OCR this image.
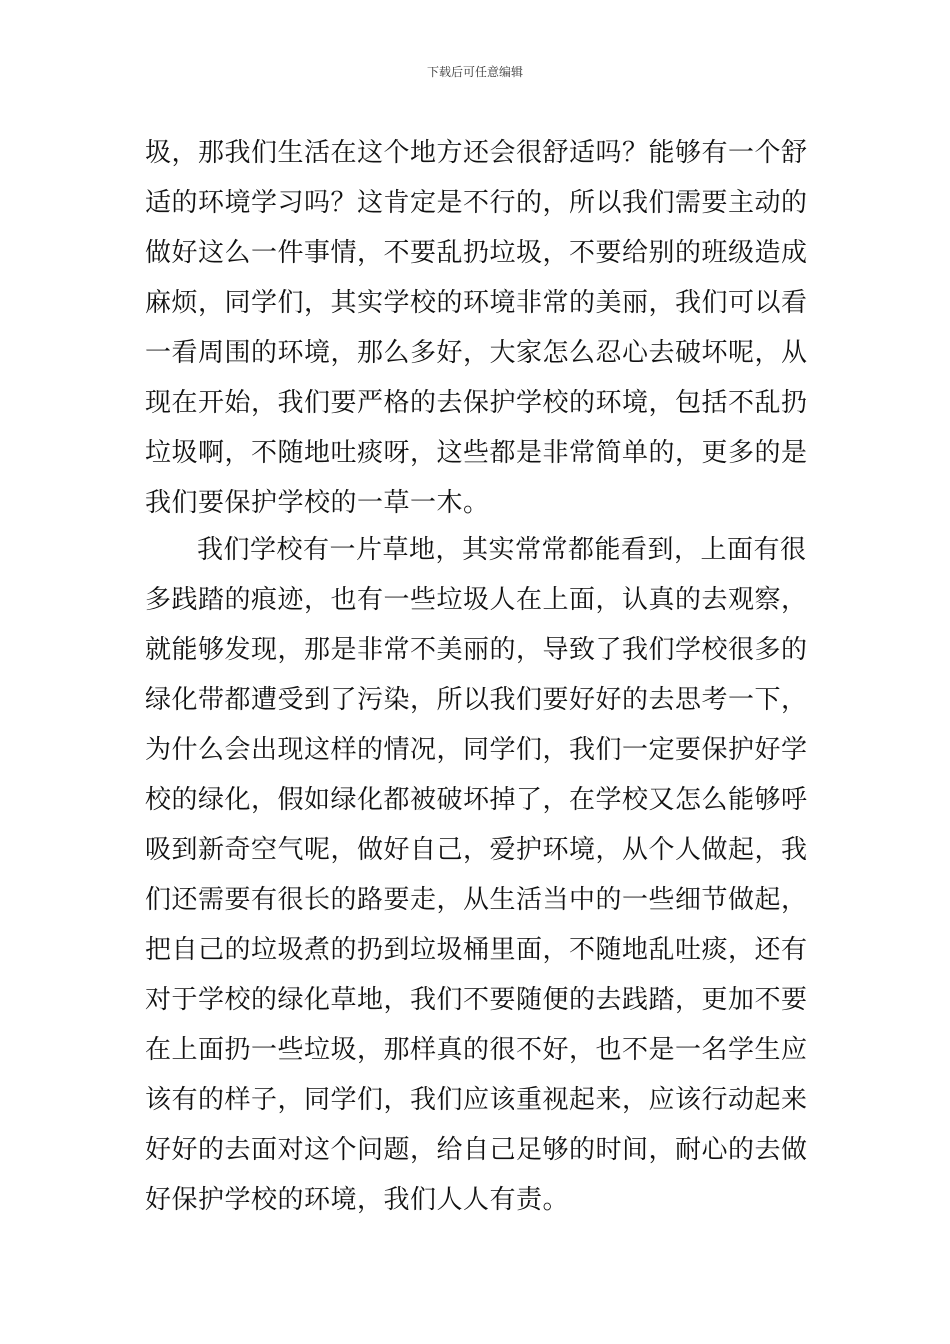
下载后可任意编辑
圾，那我们生活在这个地方还会很舒适吗？能够有一个舒
适的环境学习吗？这肯定是不行的，所以我们需要主动的
做好这么一件事情，不要乱扔垃圾，不要给别的班级造成
麻烦，同学们，其实学校的环境非常的美丽，我们可以看
一看周围的环境，那么多好，大家怎么忍心去破坏呢，从
现在开始，我们要严格的去保护学校的环境，包括不乱扔
垃圾啊，不随地吐痰呀，这些都是非常简单的，更多的是
我们要保护学校的一草一木。
我们学校有一片草地，其实常常都能看到，上面有很
多践踏的痕迹，也有一些垃圾人在上面，认真的去观察，
就能够发现，那是非常不美丽的，导致了我们学校很多的
绿化带都遭受到了污染，所以我们要好好的去思考一下，
为什么会出现这样的情况，同学们，我们一定要保护好学
校的绿化，假如绿化都被破坏掉了，在学校又怎么能够呼
吸到新奇空气呢，做好自己，爱护环境，从个人做起，我
们还需要有很长的路要走，从生活当中的一些细节做起，
把自己的垃圾煮的扔到垃圾桶里面，不随地乱吐痰，还有
对于学校的绿化草地，我们不要随便的去践踏，更加不要
在上面扔一些垃圾，那样真的很不好，也不是一名学生应
该有的样子，同学们，我们应该重视起来，应该行动起来
好好的去面对这个问题，给自己足够的时间，耐心的去做
好保护学校的环境，我们人人有责。
